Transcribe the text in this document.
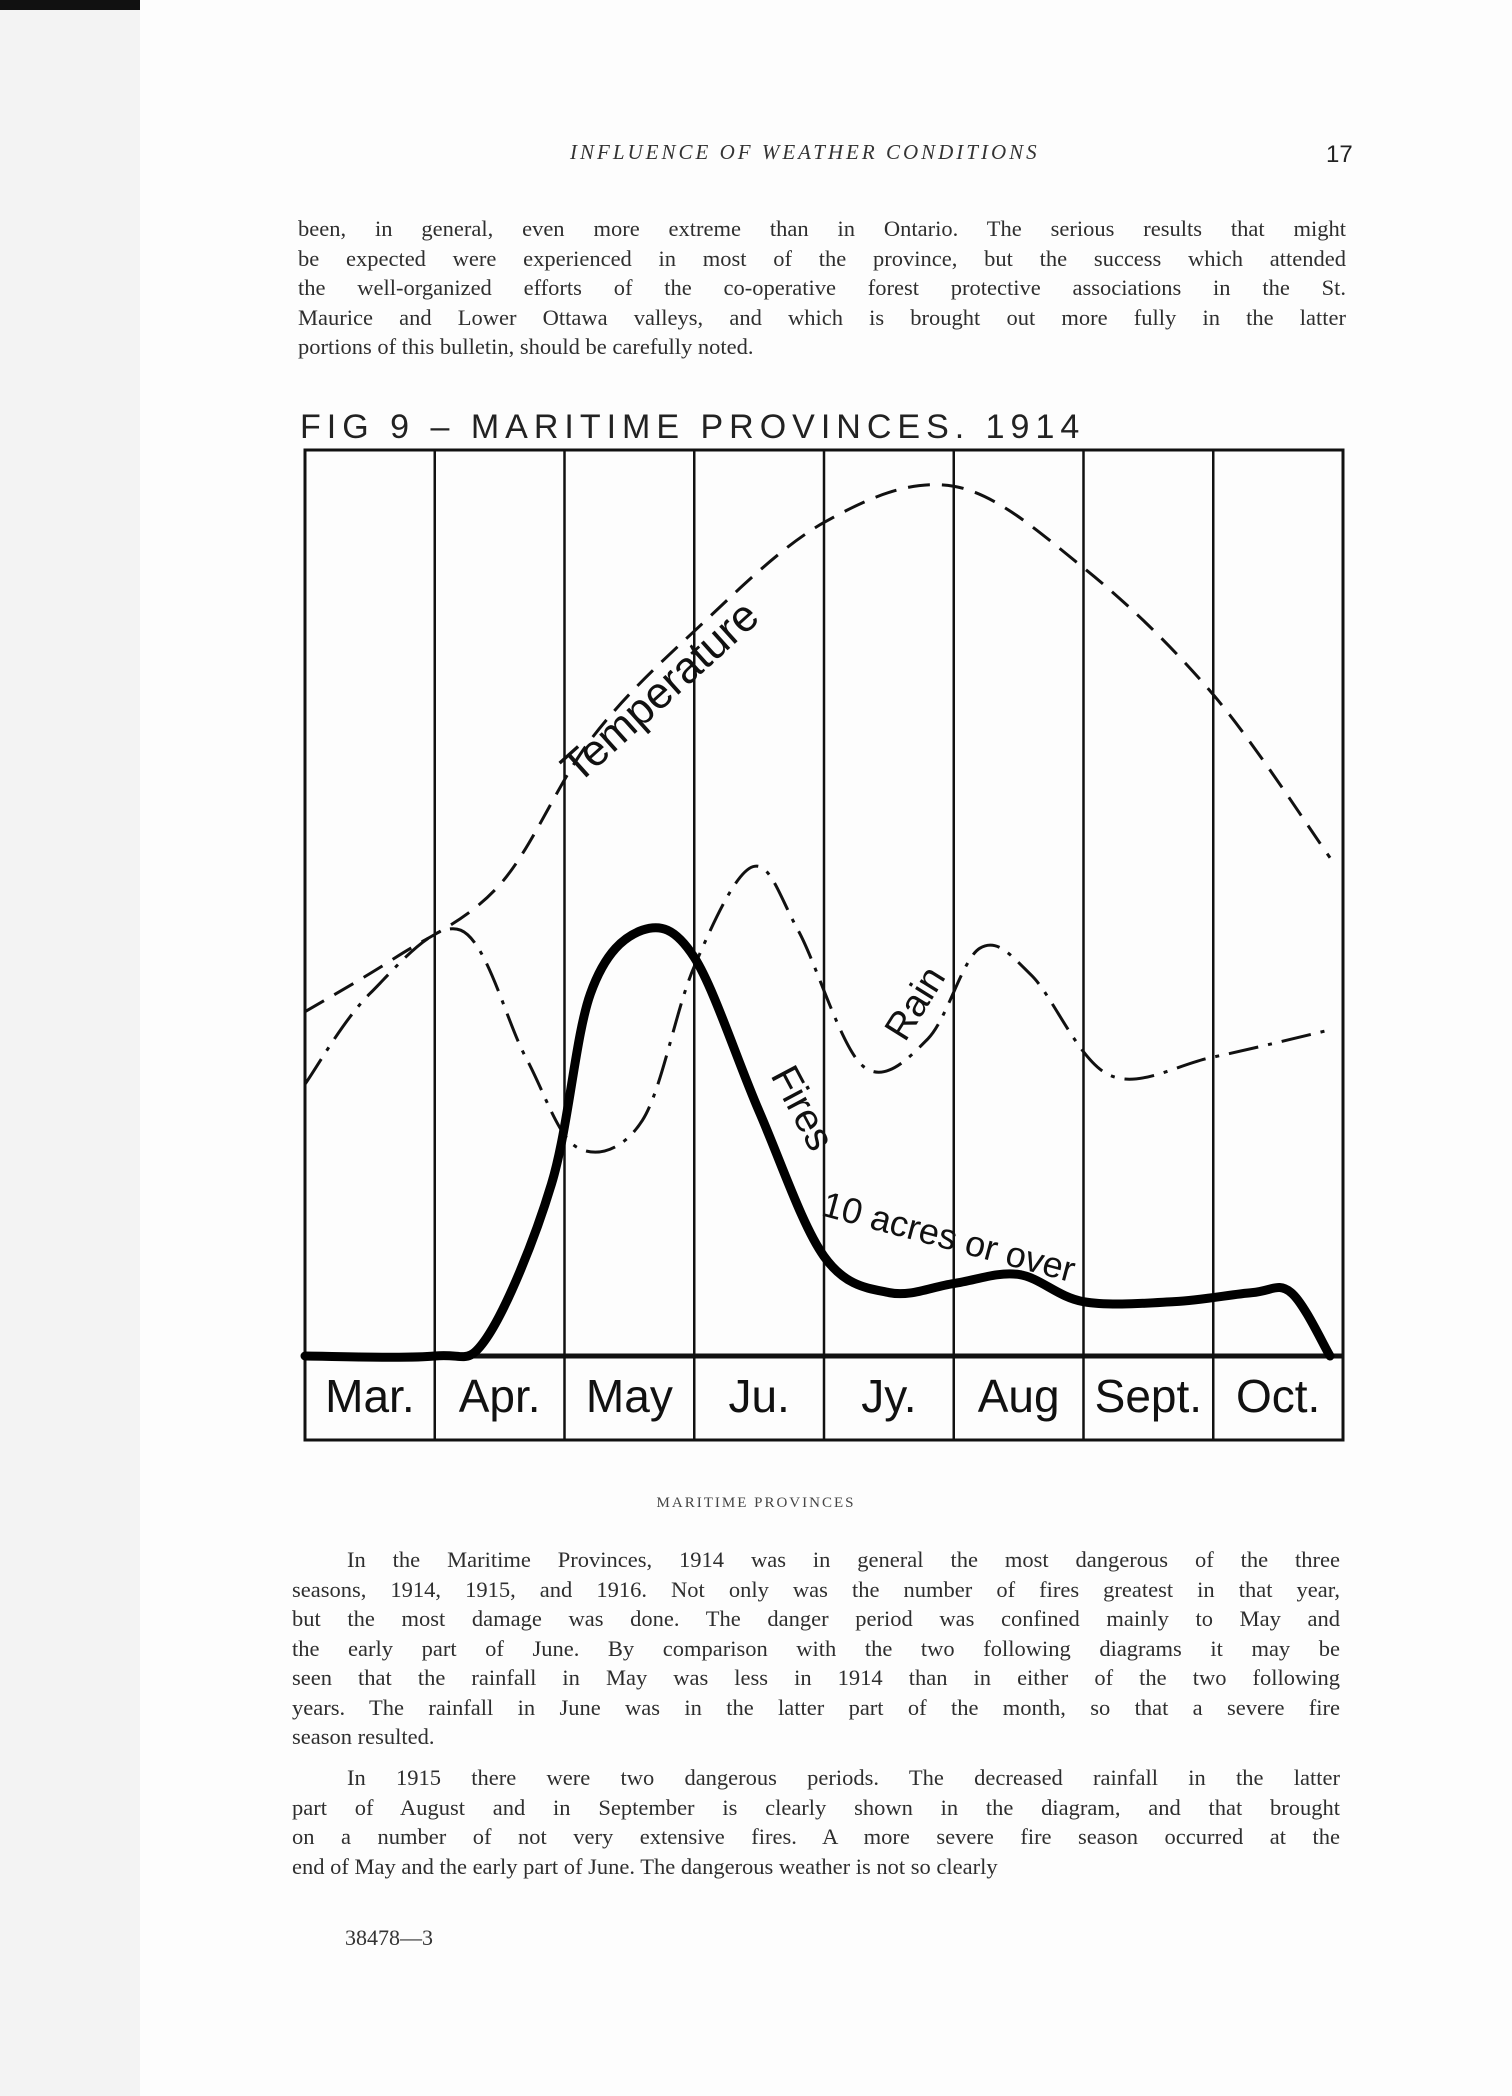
INFLUENCE OF WEATHER CONDITIONS	17
been, in general, even more extreme than in Ontario. The serious results that might
be expected were experienced in most of the province, but the success which attended
the well-organized efforts of the co-operative forest protective associations in the St.
Maurice and Lower Ottawa valleys, and which is brought out more fully in the latter
portions of this bulletin, should be carefully noted.
FIG 9 – MARITIME PROVINCES. 1914
Mar. Apr. May Ju. Jy. Aug Sept. Oct.
Temperature
Rain
Fires
10 acres or over
MARITIME PROVINCES
In the Maritime Provinces, 1914 was in general the most dangerous of the three
seasons, 1914, 1915, and 1916. Not only was the number of fires greatest in that year,
but the most damage was done. The danger period was confined mainly to May and
the early part of June. By comparison with the two following diagrams it may be
seen that the rainfall in May was less in 1914 than in either of the two following
years. The rainfall in June was in the latter part of the month, so that a severe fire
season resulted.
In 1915 there were two dangerous periods. The decreased rainfall in the latter
part of August and in September is clearly shown in the diagram, and that brought
on a number of not very extensive fires. A more severe fire season occurred at the
end of May and the early part of June. The dangerous weather is not so clearly
38478—3
